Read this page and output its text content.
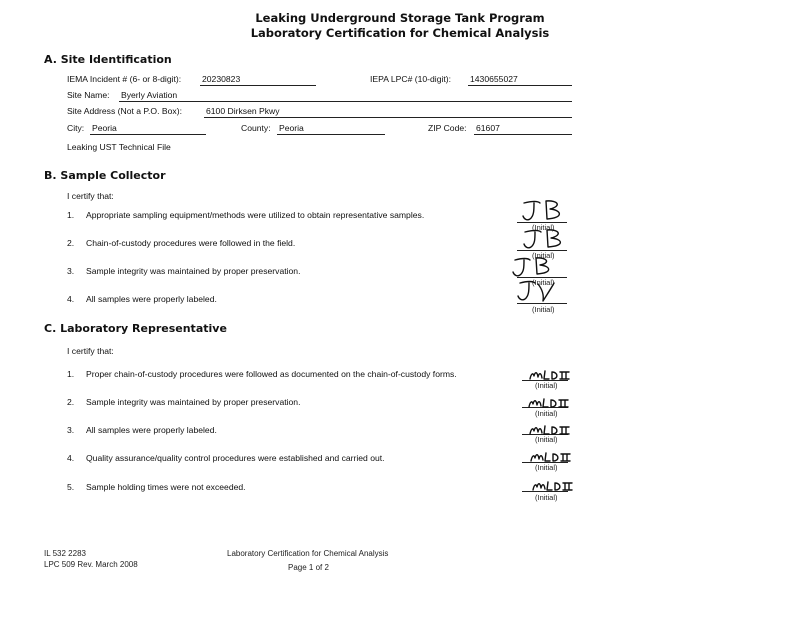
Leaking Underground Storage Tank Program
Laboratory Certification for Chemical Analysis
A. Site Identification
IEMA Incident # (6- or 8-digit): 20230823	IEPA LPC# (10-digit): 1430655027
Site Name: Byerly Aviation
Site Address (Not a P.O. Box):	6100 Dirksen Pkwy
City: Peoria	County: Peoria	ZIP Code: 61607
Leaking UST Technical File
B. Sample Collector
I certify that:
1. Appropriate sampling equipment/methods were utilized to obtain representative samples.
(Initial)
2. Chain-of-custody procedures were followed in the field.
(Initial)
3. Sample integrity was maintained by proper preservation.
(Initial)
4. All samples were properly labeled.
(Initial)
C. Laboratory Representative
I certify that:
1. Proper chain-of-custody procedures were followed as documented on the chain-of-custody forms.
(Initial)
2. Sample integrity was maintained by proper preservation.
(Initial)
3. All samples were properly labeled.
(Initial)
4. Quality assurance/quality control procedures were established and carried out.
(Initial)
5. Sample holding times were not exceeded.
(Initial)
IL 532 2283
LPC 509 Rev. March 2008
Laboratory Certification for Chemical Analysis
Page 1 of 2
